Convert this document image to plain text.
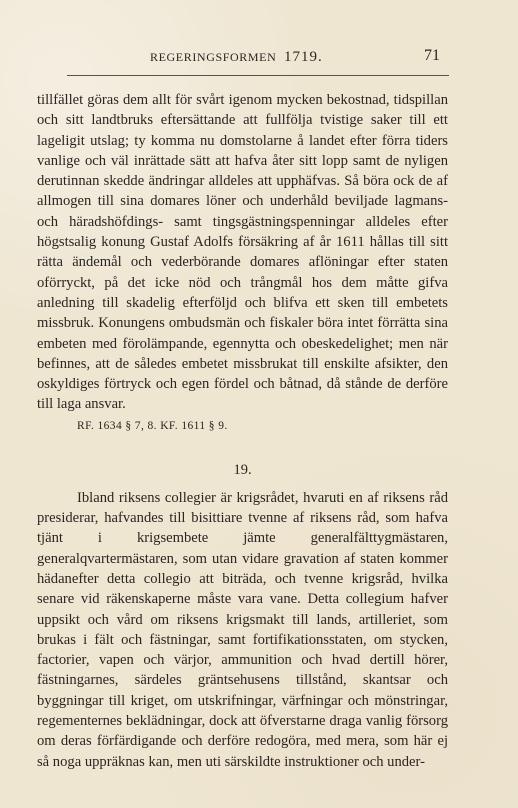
REGERINGSFORMEN 1719.	71

tillfället göras dem allt för svårt igenom mycken bekostnad, tidspillan och sitt landtbruks eftersättande att fullfölja tvistige saker till ett lageligit utslag; ty komma nu domstolarne å landet efter förra tiders vanlige och väl inrättade sätt att hafva åter sitt lopp samt de nyligen derutinnan skedde ändringar alldeles att upphäfvas. Så böra ock de af allmogen till sina domares löner och underhåld beviljade lagmans- och häradshöfdings- samt tingsgästningspenningar alldeles efter högstsalig konung Gustaf Adolfs försäkring af år 1611 hållas till sitt rätta ändemål och vederbörande domares aflöningar efter staten oförryckt, på det icke nöd och trångmål hos dem måtte gifva anledning till skadelig efterföljd och blifva ett sken till embetets missbruk. Konungens ombudsmän och fiskaler böra intet förrätta sina embeten med förolämpande, egennytta och obeskedelighet; men när befinnes, att de således embetet missbrukat till enskilte afsikter, den oskyldiges förtryck och egen fördel och båtnad, då stånde de derföre till laga ansvar.

RF. 1634 § 7, 8. KF. 1611 § 9.
19.

Ibland riksens collegier är krigsrådet, hvaruti en af riksens råd presiderar, hafvandes till bisittiare tvenne af riksens råd, som hafva tjänt i krigsembete jämte generalfälttygmästaren, generalqvartermästaren, som utan vidare gravation af staten kommer hädanefter detta collegio att biträda, och tvenne krigsråd, hvilka senare vid räkenskaperne måste vara vane. Detta collegium hafver uppsikt och vård om riksens krigsmakt till lands, artilleriet, som brukas i fält och fästningar, samt fortifikationsstaten, om stycken, factorier, vapen och värjor, ammunition och hvad dertill hörer, fästningarnes, särdeles gräntsehusens tillstånd, skantsar och byggningar till kriget, om utskrifningar, värfningar och mönstringar, regementernes beklädningar, dock att öfverstarne draga vanlig försorg om deras förfärdigande och derföre redogöra, med mera, som här ej så noga uppräknas kan, men uti särskildte instruktioner och under-
